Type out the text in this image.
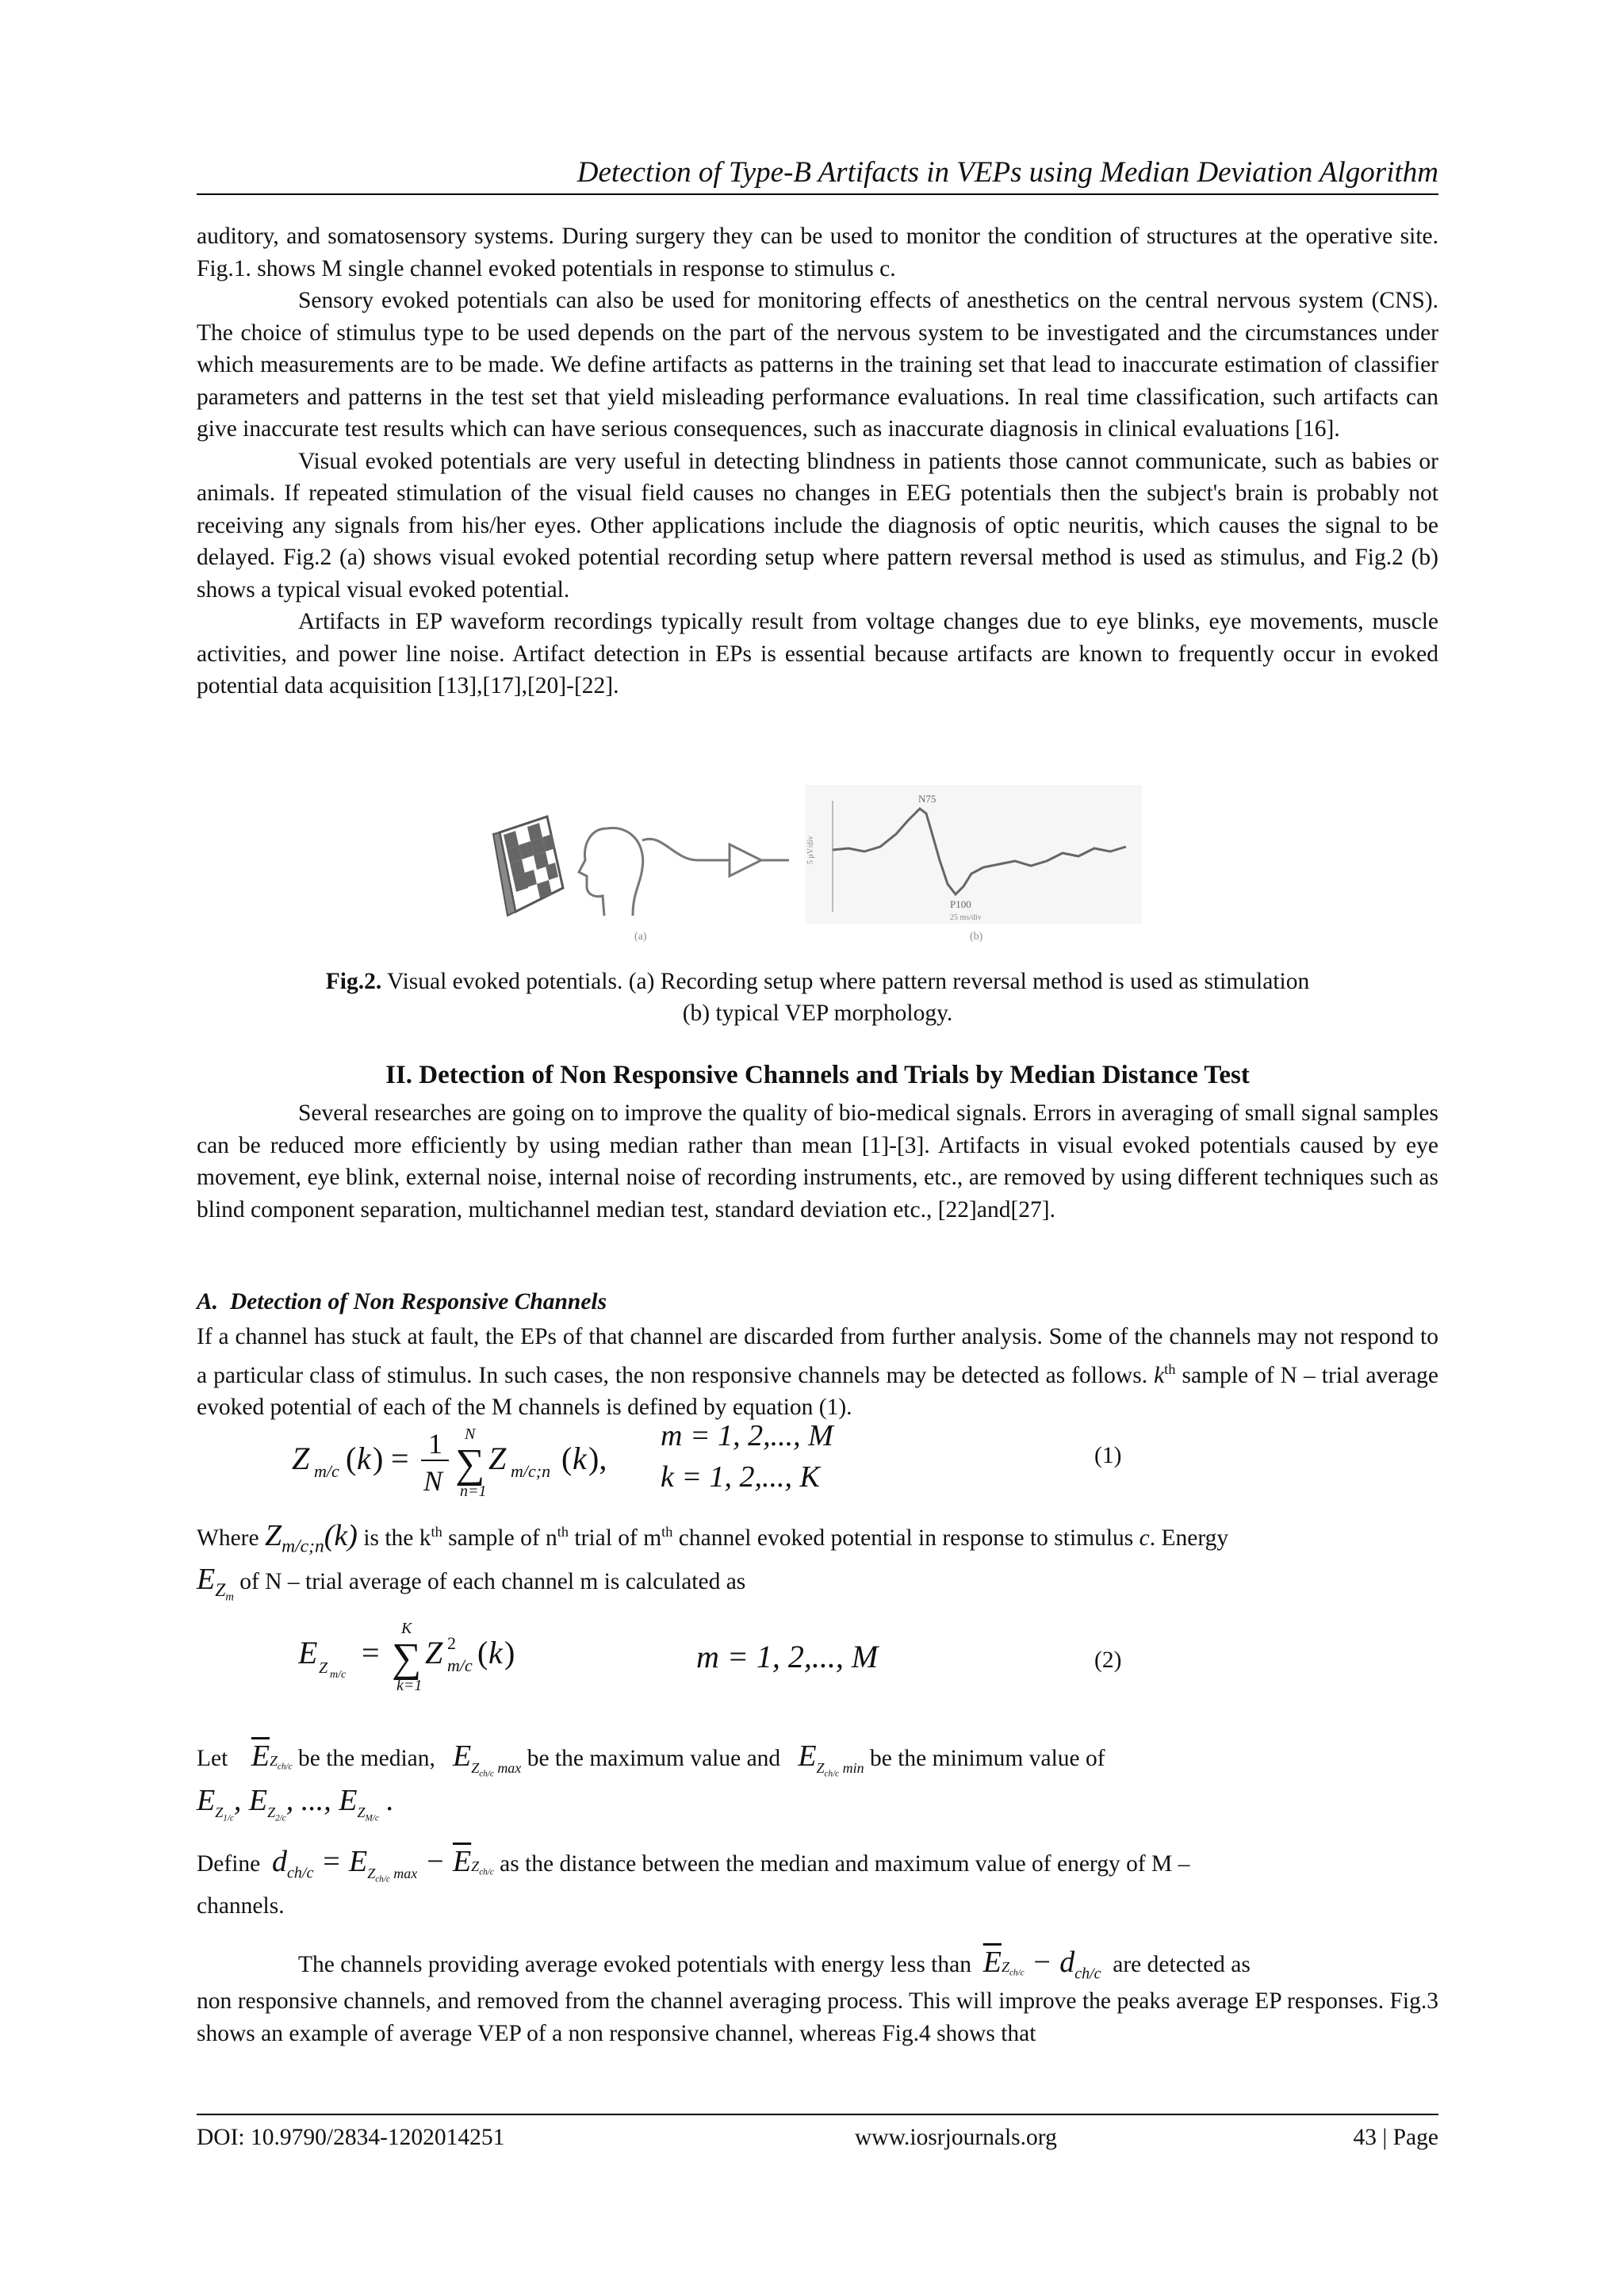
Detection of Type-B Artifacts in VEPs using Median Deviation Algorithm

auditory, and somatosensory systems. During surgery they can be used to monitor the condition of structures at the operative site. Fig.1. shows M single channel evoked potentials in response to stimulus c.

Sensory evoked potentials can also be used for monitoring effects of anesthetics on the central nervous system (CNS). The choice of stimulus type to be used depends on the part of the nervous system to be investigated and the circumstances under which measurements are to be made. We define artifacts as patterns in the training set that lead to inaccurate estimation of classifier parameters and patterns in the test set that yield misleading performance evaluations. In real time classification, such artifacts can give inaccurate test results which can have serious consequences, such as inaccurate diagnosis in clinical evaluations [16].

Visual evoked potentials are very useful in detecting blindness in patients those cannot communicate, such as babies or animals. If repeated stimulation of the visual field causes no changes in EEG potentials then the subject's brain is probably not receiving any signals from his/her eyes. Other applications include the diagnosis of optic neuritis, which causes the signal to be delayed. Fig.2 (a) shows visual evoked potential recording setup where pattern reversal method is used as stimulus, and Fig.2 (b) shows a typical visual evoked potential.

Artifacts in EP waveform recordings typically result from voltage changes due to eye blinks, eye movements, muscle activities, and power line noise. Artifact detection in EPs is essential because artifacts are known to frequently occur in evoked potential data acquisition [13],[17],[20]-[22].

N75
P100
25 ms/div
5 μV/div
(a)	(b)
Fig.2. Visual evoked potentials. (a) Recording setup where pattern reversal method is used as stimulation
(b) typical VEP morphology.
II. Detection of Non Responsive Channels and Trials by Median Distance Test

Several researches are going on to improve the quality of bio-medical signals. Errors in averaging of small signal samples can be reduced more efficiently by using median rather than mean [1]-[3]. Artifacts in visual evoked potentials caused by eye movement, eye blink, external noise, internal noise of recording instruments, etc., are removed by using different techniques such as blind component separation, multichannel median test, standard deviation etc., [22]and[27].

A. Detection of Non Responsive Channels

If a channel has stuck at fault, the EPs of that channel are discarded from further analysis. Some of the channels may not respond to a particular class of stimulus. In such cases, the non responsive channels may be detected as follows. $k^{th}$ sample of N – trial average evoked potential of each of the M channels is defined by equation (1).

Z m/c ( k ) = 1
N ∑
N
n=1
Z m/c;n ( k ),
m = 1, 2,..., M
k = 1, 2,..., K
(1)
Where $Z_{m/c;n}(k)$ is the $k^{th}$ sample of $n^{th}$ trial of $m^{th}$ channel evoked potential in response to stimulus c. Energy
$E_{Z_m}$ of N – trial average of each channel m is calculated as
E Z m/c
= ∑
K
k=1
Z 2
m/c ( k )	m = 1, 2,..., M	(2)
Let $\overline{E}Z_{ch/c}$ be the median, $E_{Z_{ch/c} max}$ be the maximum value and $E_{Z_{ch/c} min}$ be the minimum value of
$E_{Z_{1/c}}$, $E_{Z_{2/c}}$, ..., $E_{Z_{M/c}}$ .
Define $d_{ch/c} = E_{Z_{ch/c} max} - \overline{E}Z_{ch/c}$ as the distance between the median and maximum value of energy of M –
channels.
The channels providing average evoked potentials with energy less than $\overline{E}Z_{ch/c} - d_{ch/c}$ are detected as

non responsive channels, and removed from the channel averaging process. This will improve the peaks average EP responses. Fig.3 shows an example of average VEP of a non responsive channel, whereas Fig.4 shows that

DOI: 10.9790/2834-1202014251	www.iosrjournals.org	43 | Page
